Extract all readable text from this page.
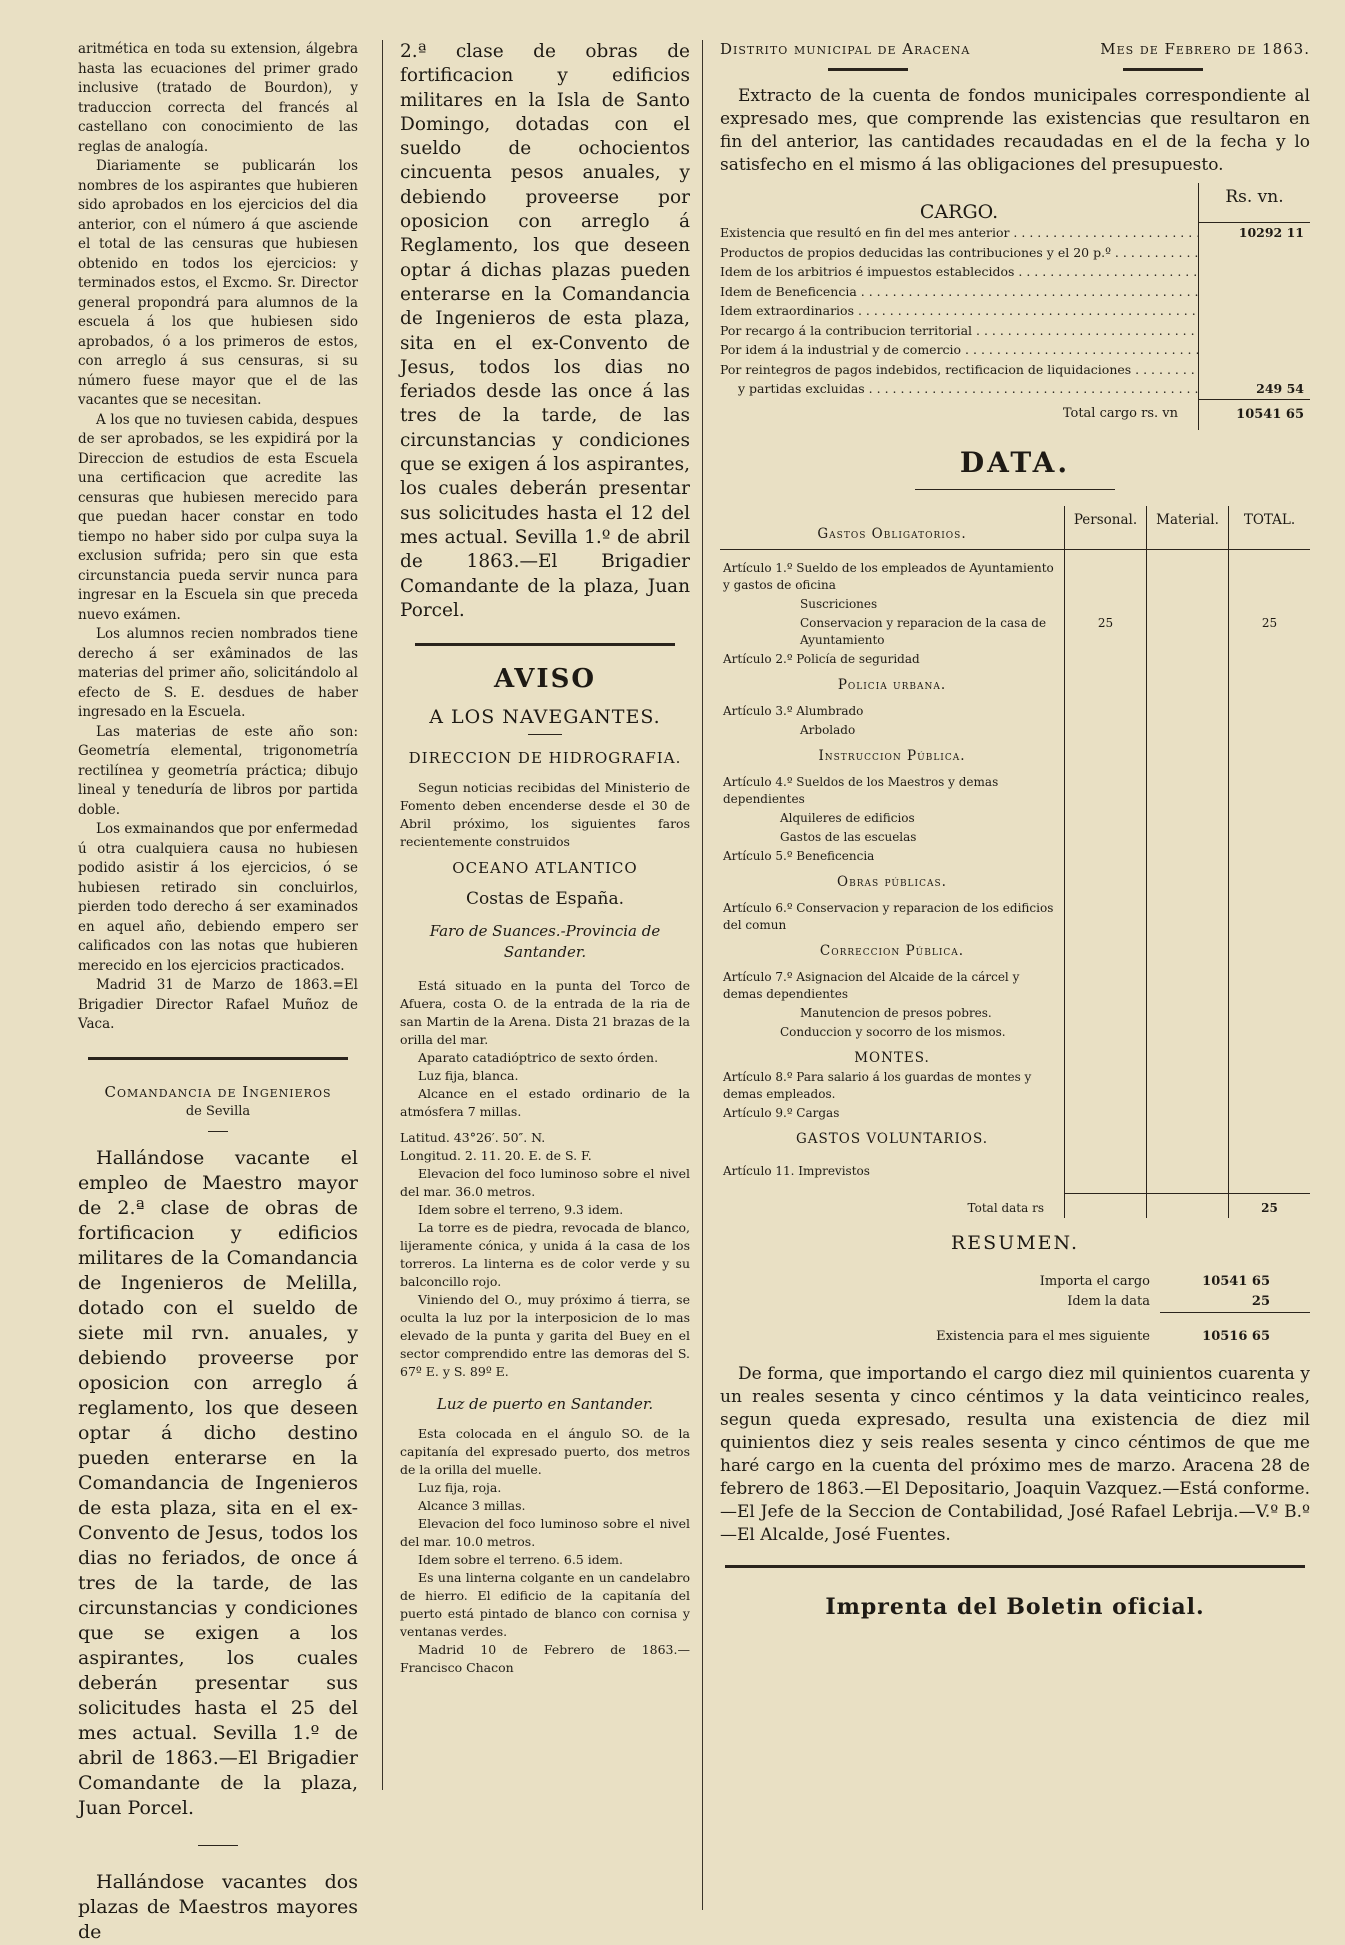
aritmética en toda su extension, álgebra hasta las ecuaciones del primer grado inclusive (tratado de Bourdon), y traduccion correcta del francés al castellano con conocimiento de las reglas de analogía.

Diariamente se publicarán los nombres de los aspirantes que hubieren sido aprobados en los ejercicios del dia anterior, con el número á que asciende el total de las censuras que hubiesen obtenido en todos los ejercicios: y terminados estos, el Excmo. Sr. Director general propondrá para alumnos de la escuela á los que hubiesen sido aprobados, ó a los primeros de estos, con arreglo á sus censuras, si su número fuese mayor que el de las vacantes que se necesitan.

A los que no tuviesen cabida, despues de ser aprobados, se les expidirá por la Direccion de estudios de esta Escuela una certificacion que acredite las censuras que hubiesen merecido para que puedan hacer constar en todo tiempo no haber sido por culpa suya la exclusion sufrida; pero sin que esta circunstancia pueda servir nunca para ingresar en la Escuela sin que preceda nuevo exámen.

Los alumnos recien nombrados tiene derecho á ser exâminados de las materias del primer año, solicitándolo al efecto de S. E. desdues de haber ingresado en la Escuela.

Las materias de este año son: Geometría elemental, trigonometría rectilínea y geometría práctica; dibujo lineal y teneduría de libros por partida doble.

Los exmainandos que por enfermedad ú otra cualquiera causa no hubiesen podido asistir á los ejercicios, ó se hubiesen retirado sin concluirlos, pierden todo derecho á ser examinados en aquel año, debiendo empero ser calificados con las notas que hubieren merecido en los ejercicios practicados.

Madrid 31 de Marzo de 1863.=El Brigadier Director Rafael Muñoz de Vaca.

Comandancia de Ingenieros
de Sevilla

Hallándose vacante el empleo de Maestro mayor de 2.ª clase de obras de fortificacion y edificios militares de la Comandancia de Ingenieros de Melilla, dotado con el sueldo de siete mil rvn. anuales, y debiendo proveerse por oposicion con arreglo á reglamento, los que deseen optar á dicho destino pueden enterarse en la Comandancia de Ingenieros de esta plaza, sita en el ex-Convento de Jesus, todos los dias no feriados, de once á tres de la tarde, de las circunstancias y condiciones que se exigen a los aspirantes, los cuales deberán presentar sus solicitudes hasta el 25 del mes actual. Sevilla 1.º de abril de 1863.—El Brigadier Comandante de la plaza, Juan Porcel.

Hallándose vacantes dos plazas de Maestros mayores de

2.ª clase de obras de fortificacion y edificios militares en la Isla de Santo Domingo, dotadas con el sueldo de ochocientos cincuenta pesos anuales, y debiendo proveerse por oposicion con arreglo á Reglamento, los que deseen optar á dichas plazas pueden enterarse en la Comandancia de Ingenieros de esta plaza, sita en el ex-Convento de Jesus, todos los dias no feriados desde las once á las tres de la tarde, de las circunstancias y condiciones que se exigen á los aspirantes, los cuales deberán presentar sus solicitudes hasta el 12 del mes actual. Sevilla 1.º de abril de 1863.—El Brigadier Comandante de la plaza, Juan Porcel.

AVISO
A LOS NAVEGANTES.
DIRECCION DE HIDROGRAFIA.

Segun noticias recibidas del Ministerio de Fomento deben encenderse desde el 30 de Abril próximo, los siguientes faros recientemente construidos

OCEANO ATLANTICO
Costas de España.
Faro de Suances.-Provincia de Santander.

Está situado en la punta del Torco de Afuera, costa O. de la entrada de la ria de san Martin de la Arena. Dista 21 brazas de la orilla del mar.

Aparato catadióptrico de sexto órden.

Luz fija, blanca.

Alcance en el estado ordinario de la atmósfera 7 millas.

Latitud. 43°26′. 50″. N.

Longitud. 2. 11. 20. E. de S. F.

Elevacion del foco luminoso sobre el nivel del mar. 36.0 metros.

Idem sobre el terreno, 9.3 idem.

La torre es de piedra, revocada de blanco, lijeramente cónica, y unida á la casa de los torreros. La linterna es de color verde y su balconcillo rojo.

Viniendo del O., muy próximo á tierra, se oculta la luz por la interposicion de lo mas elevado de la punta y garita del Buey en el sector comprendido entre las demoras del S. 67º E. y S. 89º E.

Luz de puerto en Santander.

Esta colocada en el ángulo SO. de la capitanía del expresado puerto, dos metros de la orilla del muelle.

Luz fija, roja.

Alcance 3 millas.

Elevacion del foco luminoso sobre el nivel del mar. 10.0 metros.

Idem sobre el terreno. 6.5 idem.

Es una linterna colgante en un candelabro de hierro. El edificio de la capitanía del puerto está pintado de blanco con cornisa y ventanas verdes.

Madrid 10 de Febrero de 1863.—Francisco Chacon

Distrito municipal de Aracena	Mes de Febrero de 1863.

Extracto de la cuenta de fondos municipales correspondiente al expresado mes, que comprende las existencias que resultaron en fin del anterior, las cantidades recaudadas en el de la fecha y lo satisfecho en el mismo á las obligaciones del presupuesto.

CARGO.
Rs. vn.
Existencia que resultó en fin del mes anterior . . .	10292 11
Productos de propios deducidas las contribuciones y el 20 p.º . . .
Idem de los arbitrios é impuestos establecidos . . .
Idem de Beneficencia . . .
Idem extraordinarios . . .
Por recargo á la contribucion territorial . . .
Por idem á la industrial y de comercio . . .
Por reintegros de pagos indebidos, rectificacion de liquidaciones . . .
y partidas excluidas . . .	249 54
Total cargo rs. vn	10541 65
DATA.
Gastos Obligatorios.	Personal.	Material.	TOTAL.
Artículo 1.º Sueldo de los empleados de Ayuntamiento y gastos de oficina			
Suscriciones			
Conservacion y reparacion de la casa de Ayuntamiento	25		25
Artículo 2.º Policía de seguridad			
Policia urbana.			
Artículo 3.º Alumbrado			
Arbolado			
Instruccion Pública.			
Artículo 4.º Sueldos de los Maestros y demas dependientes			
Alquileres de edificios			
Gastos de las escuelas			
Artículo 5.º Beneficencia			
Obras públicas.			
Artículo 6.º Conservacion y reparacion de los edificios del comun			
Correccion Pública.			
Artículo 7.º Asignacion del Alcaide de la cárcel y demas dependientes			
Manutencion de presos pobres.			
Conduccion y socorro de los mismos.			
MONTES.			
Artículo 8.º Para salario á los guardas de montes y demas empleados.			
Artículo 9.º Cargas			
GASTOS VOLUNTARIOS.			
Artículo 11. Imprevistos			
Total data rs			25
RESUMEN.
Importa el cargo	10541 65
Idem la data	25
Existencia para el mes siguiente	10516 65

De forma, que importando el cargo diez mil quinientos cuarenta y un reales sesenta y cinco céntimos y la data veinticinco reales, segun queda expresado, resulta una existencia de diez mil quinientos diez y seis reales sesenta y cinco céntimos de que me haré cargo en la cuenta del próximo mes de marzo. Aracena 28 de febrero de 1863.—El Depositario, Joaquin Vazquez.—Está conforme.—El Jefe de la Seccion de Contabilidad, José Rafael Lebrija.—V.º B.º—El Alcalde, José Fuentes.

Imprenta del Boletin oficial.
